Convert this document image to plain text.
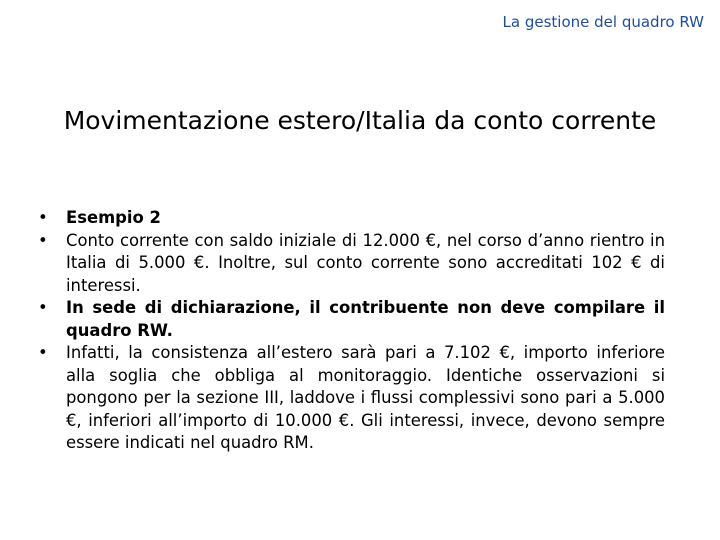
La gestione del quadro RW
Movimentazione estero/Italia da conto corrente
•	Esempio 2
•	Conto corrente con saldo iniziale di 12.000 €, nel corso d’anno rientro in Italia di 5.000 €. Inoltre, sul conto corrente sono accreditati 102 € di interessi.
•	In sede di dichiarazione, il contribuente non deve compilare il quadro RW.
•	Infatti, la consistenza all’estero sarà pari a 7.102 €, importo inferiore alla soglia che obbliga al monitoraggio. Identiche osservazioni si pongono per la sezione III, laddove i flussi complessivi sono pari a 5.000 €, inferiori all’importo di 10.000 €. Gli interessi, invece, devono sempre essere indicati nel quadro RM.
